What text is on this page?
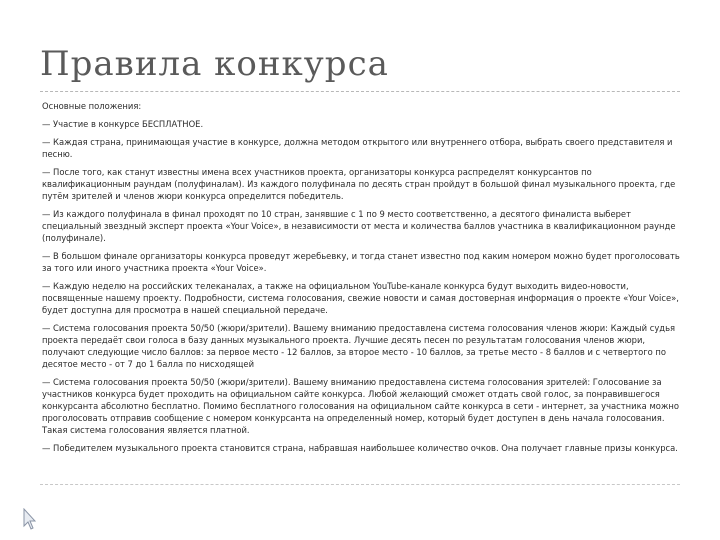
Правила конкурса

Основные положения:

— Участие в конкурсе БЕСПЛАТНОЕ.

— Каждая страна, принимающая участие в конкурсе, должна методом открытого или внутреннего отбора, выбрать своего представителя и песню.

— После того, как станут известны имена всех участников проекта, организаторы конкурса распределят конкурсантов по квалификационным раундам (полуфиналам). Из каждого полуфинала по десять стран пройдут в большой финал музыкального проекта, где путём зрителей и членов жюри конкурса определится победитель.

— Из каждого полуфинала в финал проходят по 10 стран, занявшие с 1 по 9 место соответственно, а десятого финалиста выберет специальный звездный эксперт проекта «Your Voice», в независимости от места и количества баллов участника в квалификационном раунде (полуфинале).

— В большом финале организаторы конкурса проведут жеребьевку, и тогда станет известно под каким номером можно будет проголосовать за того или иного участника проекта «Your Voice».

— Каждую неделю на российских телеканалах, а также на официальном YouTube-канале конкурса будут выходить видео-новости, посвященные нашему проекту. Подробности, система голосования, свежие новости и самая достоверная информация о проекте «Your Voice», будет доступна для просмотра в нашей специальной передаче.

— Система голосования проекта 50/50 (жюри/зрители). Вашему вниманию предоставлена система голосования членов жюри: Каждый судья проекта передаёт свои голоса в базу данных музыкального проекта. Лучшие десять песен по результатам голосования членов жюри, получают следующие число баллов: за первое место - 12 баллов, за второе место - 10 баллов, за третье место - 8 баллов и с четвертого по десятое место - от 7 до 1 балла по нисходящей

— Система голосования проекта 50/50 (жюри/зрители). Вашему вниманию предоставлена система голосования зрителей: Голосование за участников конкурса будет проходить на официальном сайте конкурса. Любой желающий сможет отдать свой голос, за понравившегося конкурсанта абсолютно бесплатно. Помимо бесплатного голосования на официальном сайте конкурса в сети - интернет, за участника можно проголосовать отправив сообщение с номером конкурсанта на определенный номер, который будет доступен в день начала голосования. Такая система голосования является платной.

— Победителем музыкального проекта становится страна, набравшая наибольшее количество очков. Она получает главные призы конкурса.
